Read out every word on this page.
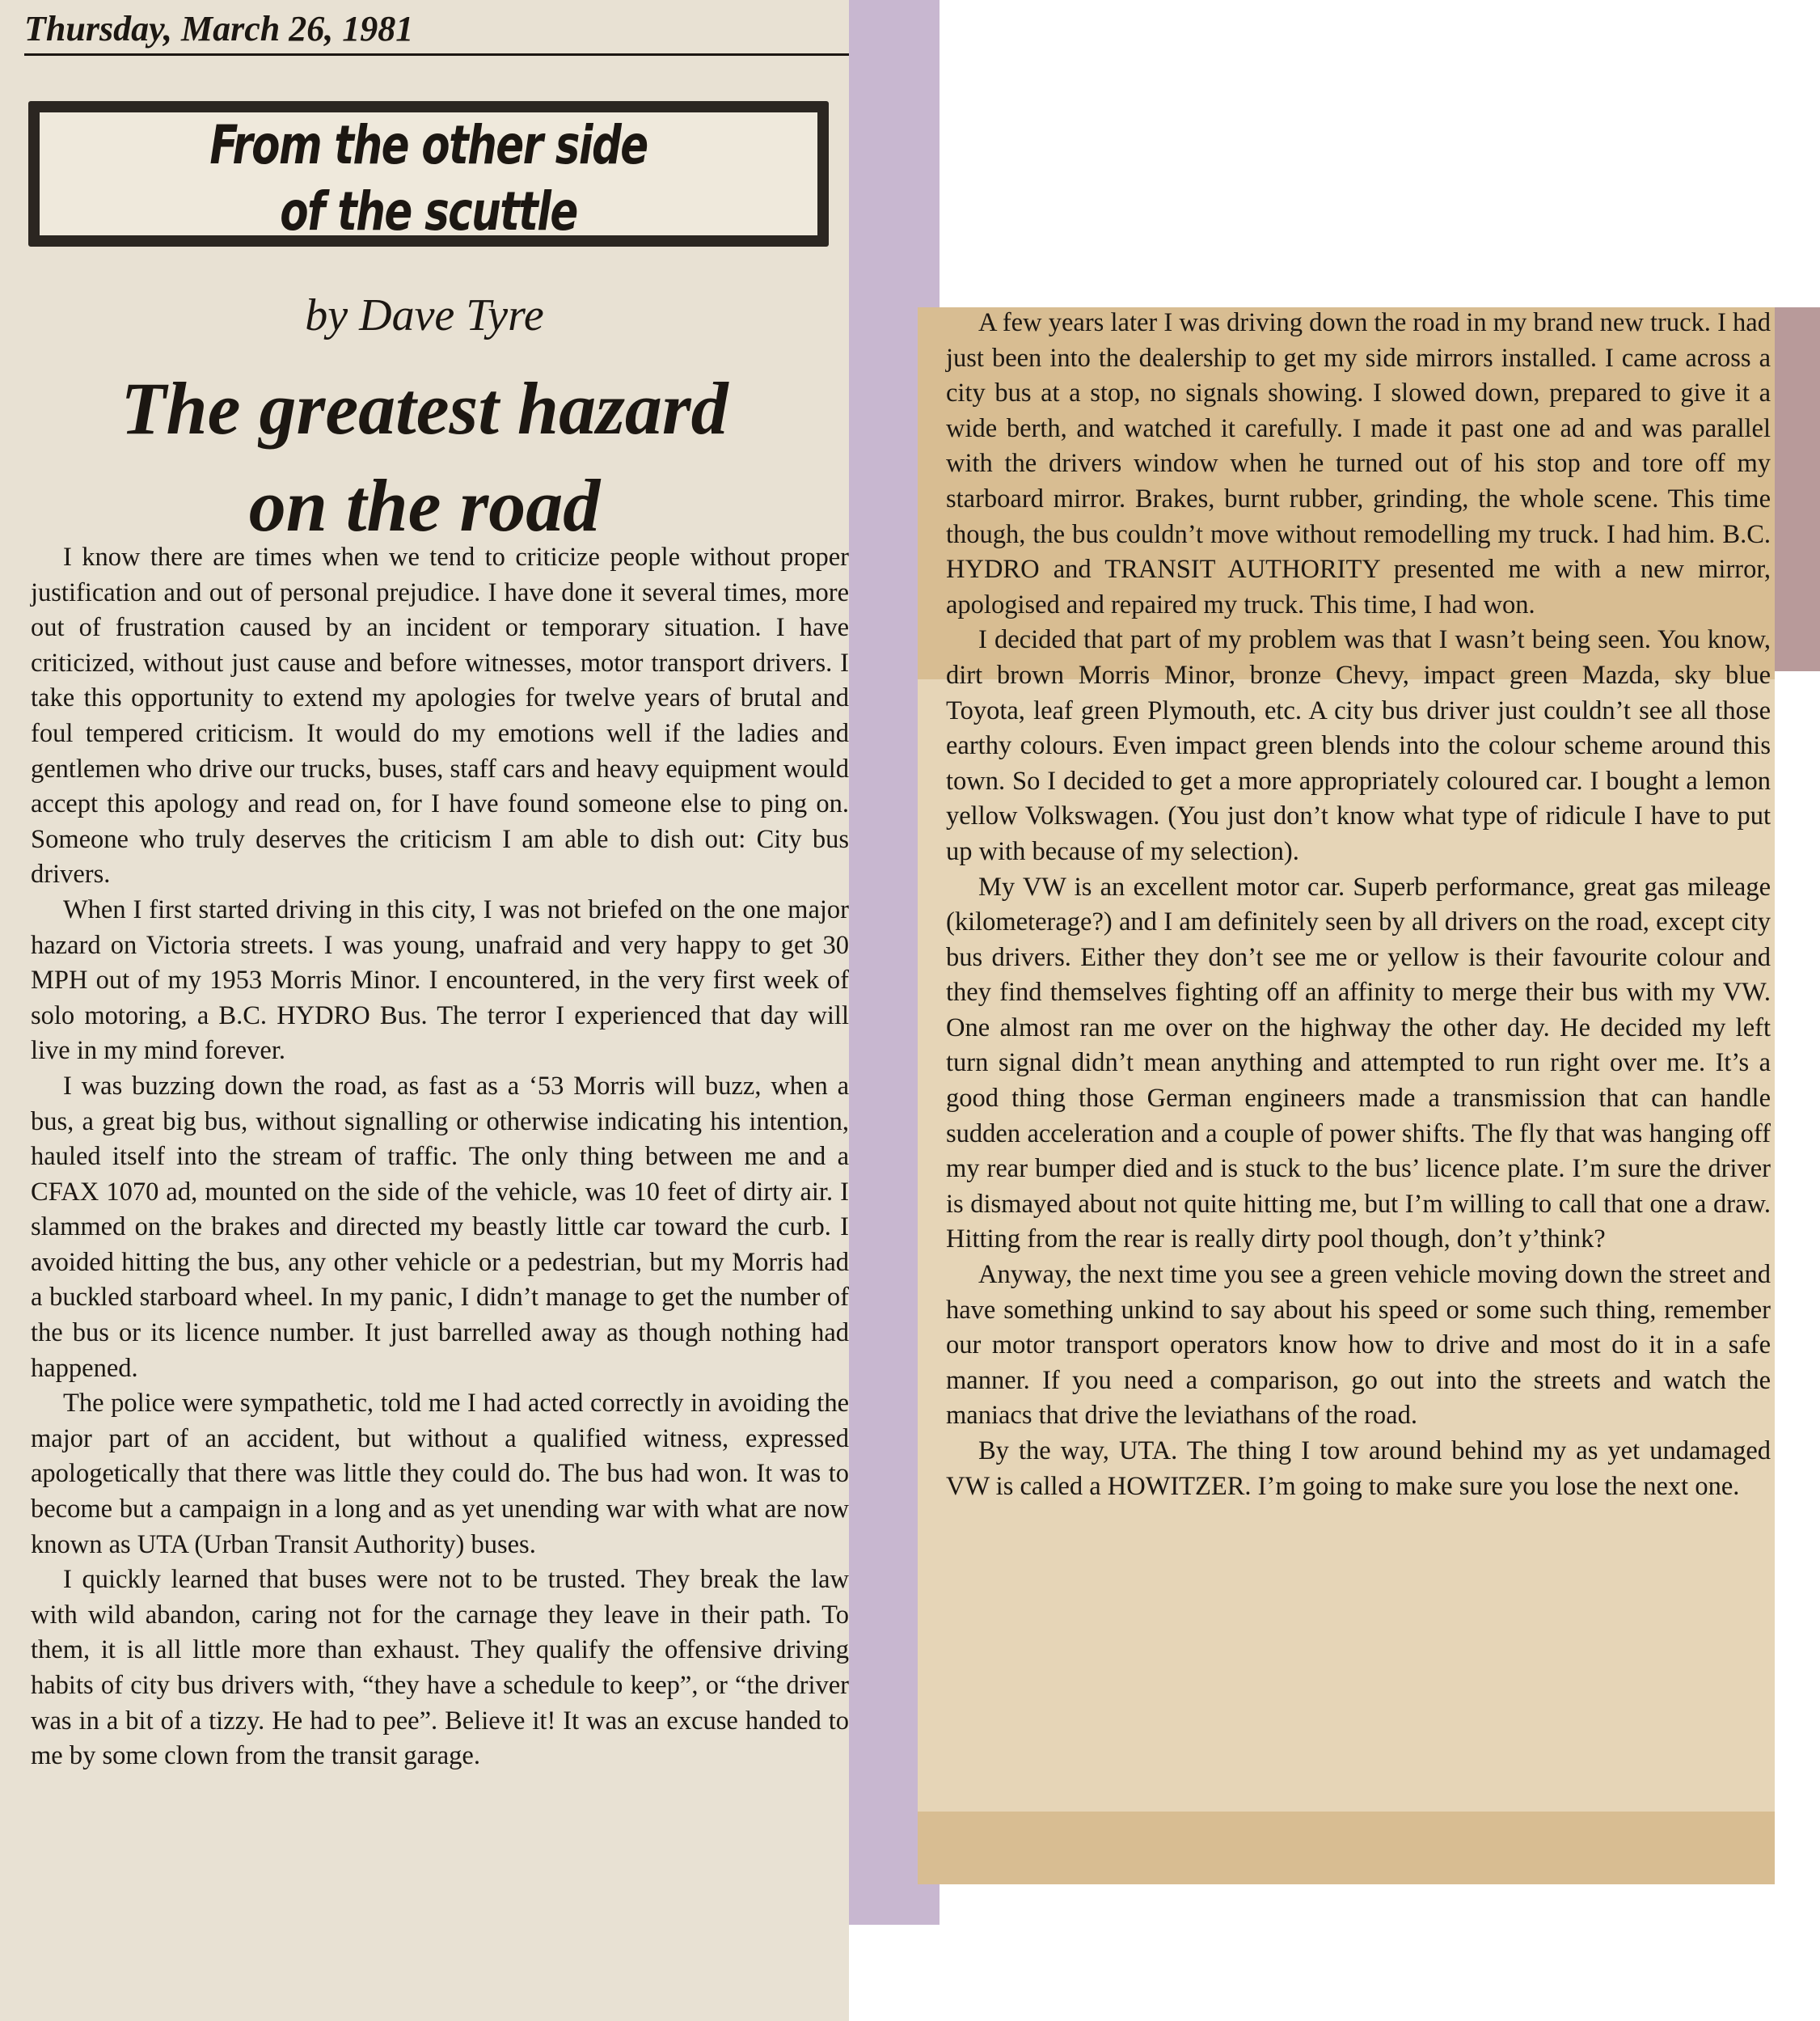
Thursday, March 26, 1981
From the other side
of the scuttle
by Dave Tyre
The greatest hazard
on the road

I know there are times when we tend to criticize people without proper justification and out of personal prejudice. I have done it several times, more out of frustration caused by an incident or temporary situation. I have criticized, without just cause and before witnesses, motor transport drivers. I take this opportunity to extend my apologies for twelve years of brutal and foul tempered criticism. It would do my emotions well if the ladies and gentlemen who drive our trucks, buses, staff cars and heavy equipment would accept this apology and read on, for I have found someone else to ping on. Someone who truly deserves the criticism I am able to dish out: City bus drivers.

When I first started driving in this city, I was not briefed on the one major hazard on Victoria streets. I was young, unafraid and very happy to get 30 MPH out of my 1953 Morris Minor. I encountered, in the very first week of solo motoring, a B.C. HYDRO Bus. The terror I experienced that day will live in my mind forever.

I was buzzing down the road, as fast as a ‘53 Morris will buzz, when a bus, a great big bus, without signalling or otherwise indicating his intention, hauled itself into the stream of traffic. The only thing between me and a CFAX 1070 ad, mounted on the side of the vehicle, was 10 feet of dirty air. I slammed on the brakes and directed my beastly little car toward the curb. I avoided hitting the bus, any other vehicle or a pedestrian, but my Morris had a buckled starboard wheel. In my panic, I didn’t manage to get the number of the bus or its licence number. It just barrelled away as though nothing had happened.

The police were sympathetic, told me I had acted correctly in avoiding the major part of an accident, but without a qualified witness, expressed apologetically that there was little they could do. The bus had won. It was to become but a campaign in a long and as yet unending war with what are now known as UTA (Urban Transit Authority) buses.

I quickly learned that buses were not to be trusted. They break the law with wild abandon, caring not for the carnage they leave in their path. To them, it is all little more than exhaust. They qualify the offensive driving habits of city bus drivers with, “they have a schedule to keep”, or “the driver was in a bit of a tizzy. He had to pee”. Believe it! It was an excuse handed to me by some clown from the transit garage.

A few years later I was driving down the road in my brand new truck. I had just been into the dealership to get my side mirrors installed. I came across a city bus at a stop, no signals showing. I slowed down, prepared to give it a wide berth, and watched it carefully. I made it past one ad and was parallel with the drivers window when he turned out of his stop and tore off my starboard mirror. Brakes, burnt rubber, grinding, the whole scene. This time though, the bus couldn’t move without remodelling my truck. I had him. B.C. HYDRO and TRANSIT AUTHORITY presented me with a new mirror, apologised and repaired my truck. This time, I had won.

I decided that part of my problem was that I wasn’t being seen. You know, dirt brown Morris Minor, bronze Chevy, impact green Mazda, sky blue Toyota, leaf green Plymouth, etc. A city bus driver just couldn’t see all those earthy colours. Even impact green blends into the colour scheme around this town. So I decided to get a more appropriately coloured car. I bought a lemon yellow Volkswagen. (You just don’t know what type of ridicule I have to put up with because of my selection).

My VW is an excellent motor car. Superb performance, great gas mileage (kilometerage?) and I am definitely seen by all drivers on the road, except city bus drivers. Either they don’t see me or yellow is their favourite colour and they find themselves fighting off an affinity to merge their bus with my VW. One almost ran me over on the highway the other day. He decided my left turn signal didn’t mean anything and attempted to run right over me. It’s a good thing those German engineers made a transmission that can handle sudden acceleration and a couple of power shifts. The fly that was hanging off my rear bumper died and is stuck to the bus’ licence plate. I’m sure the driver is dismayed about not quite hitting me, but I’m willing to call that one a draw. Hitting from the rear is really dirty pool though, don’t y’think?

Anyway, the next time you see a green vehicle moving down the street and have something unkind to say about his speed or some such thing, remember our motor transport operators know how to drive and most do it in a safe manner. If you need a comparison, go out into the streets and watch the maniacs that drive the leviathans of the road.

By the way, UTA. The thing I tow around behind my as yet undamaged VW is called a HOWITZER. I’m going to make sure you lose the next one.
